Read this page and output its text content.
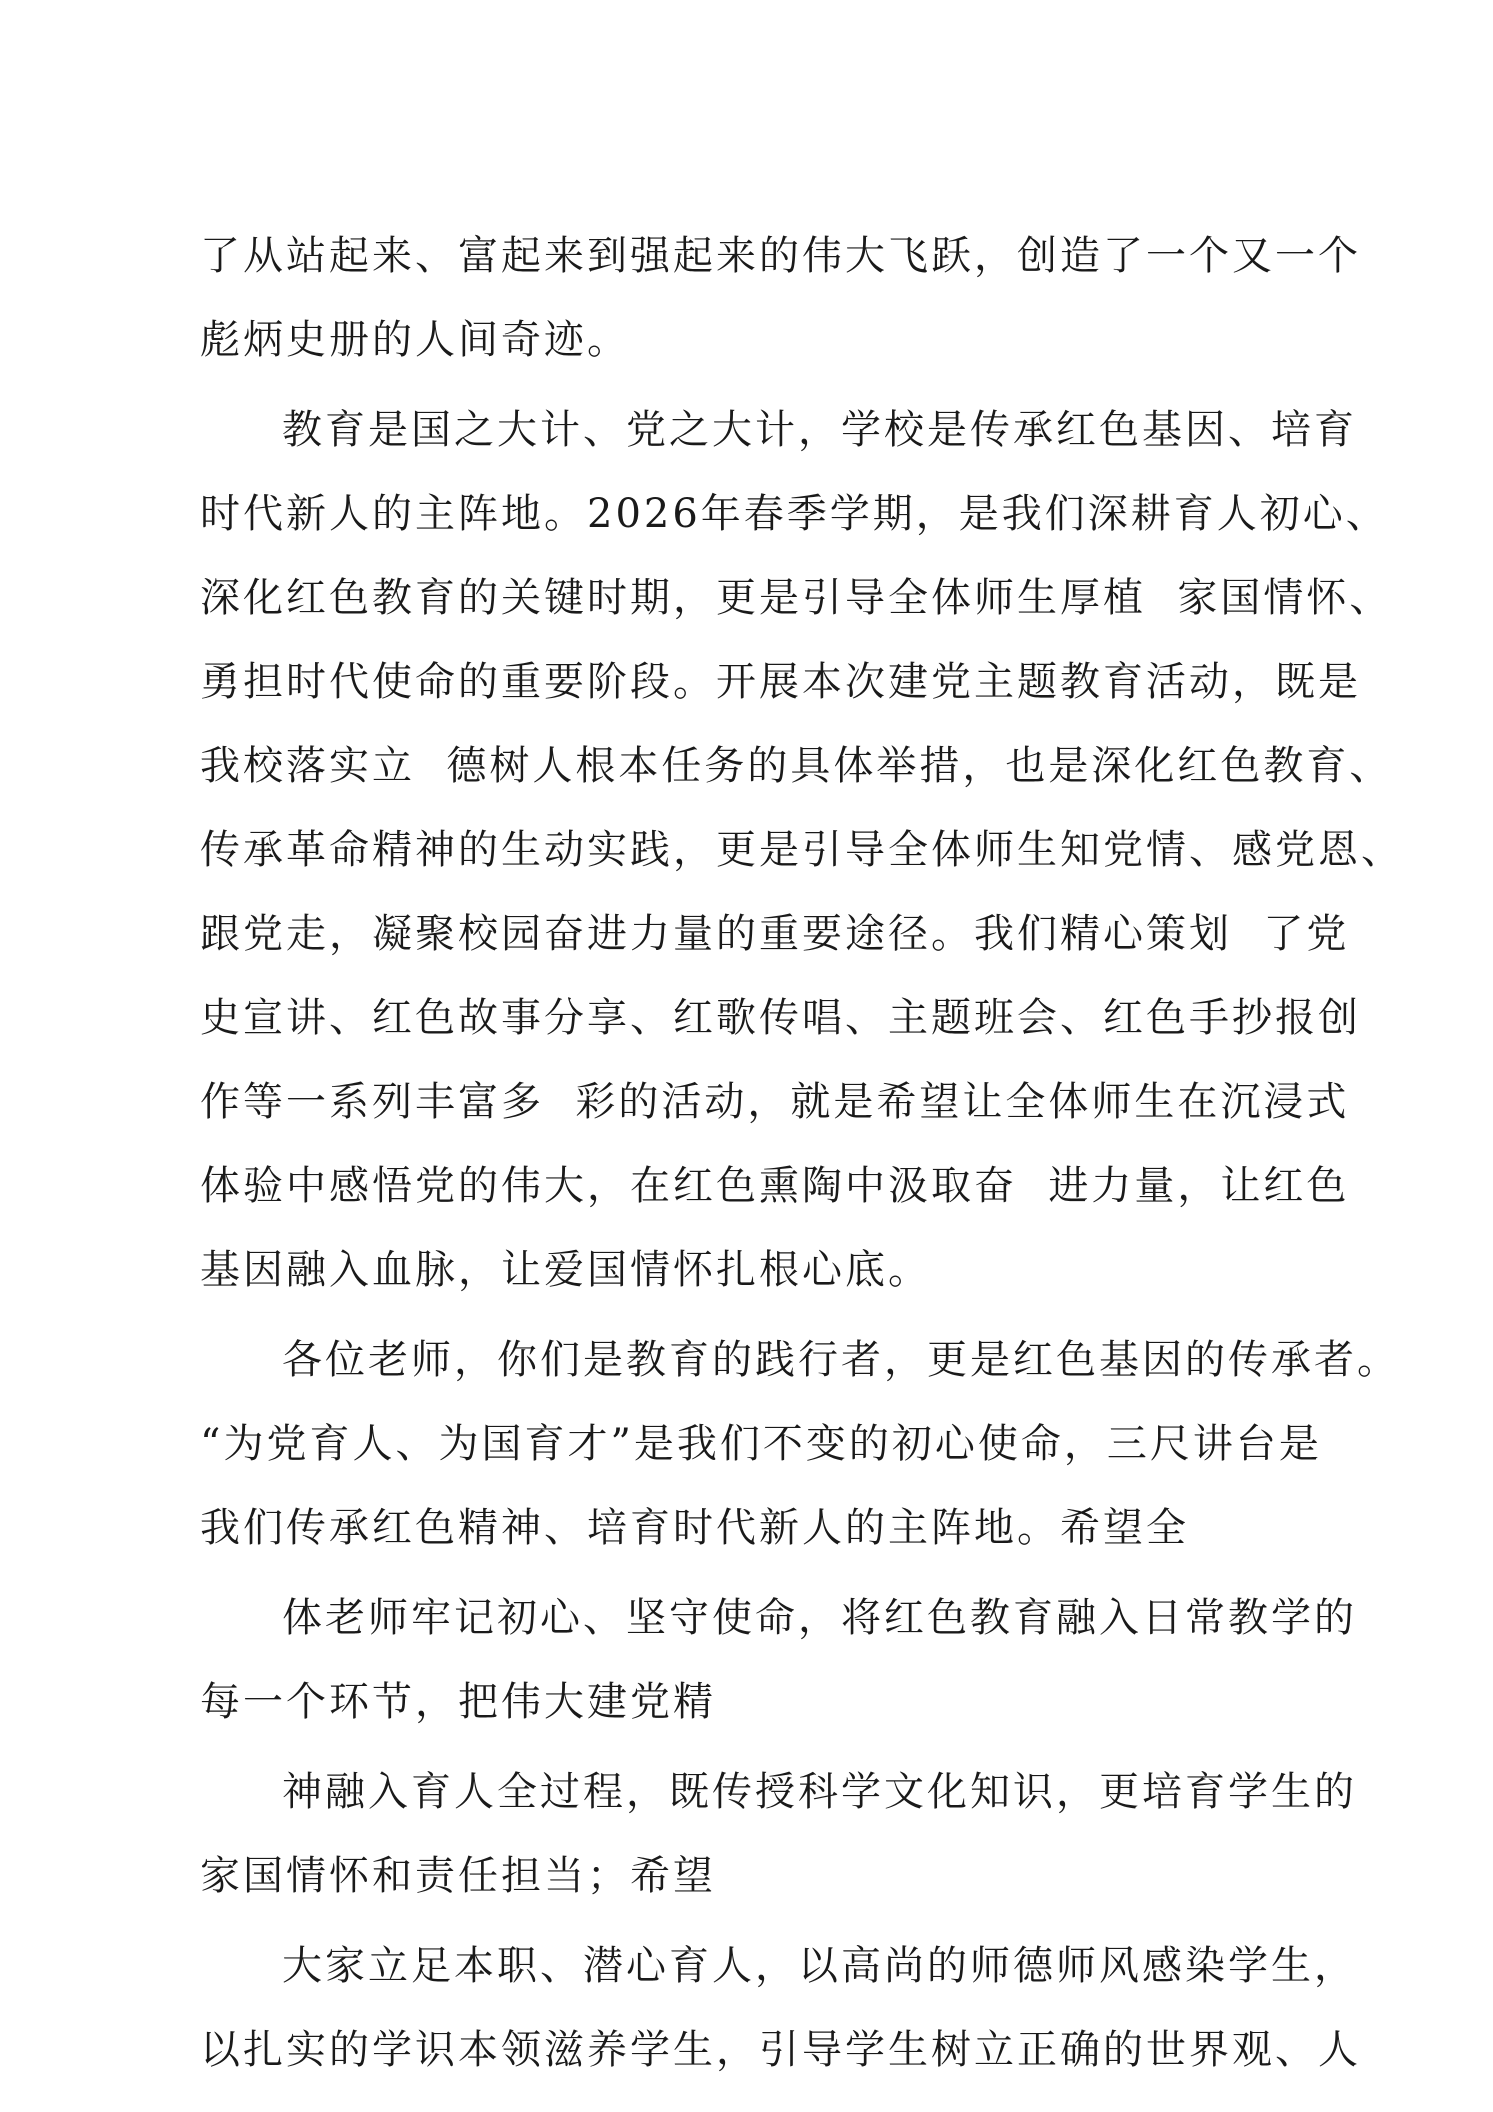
了从站起来、富起来到强起来的伟大飞跃，创造了一个又一个
彪炳史册的人间奇迹。
教育是国之大计、党之大计，学校是传承红色基因、培育
时代新人的主阵地。2026年春季学期，是我们深耕育人初心、
深化红色教育的关键时期，更是引导全体师生厚植  家国情怀、
勇担时代使命的重要阶段。开展本次建党主题教育活动，既是
我校落实立  德树人根本任务的具体举措，也是深化红色教育、
传承革命精神的生动实践，更是引导全体师生知党情、感党恩、
跟党走，凝聚校园奋进力量的重要途径。我们精心策划  了党
史宣讲、红色故事分享、红歌传唱、主题班会、红色手抄报创
作等一系列丰富多  彩的活动，就是希望让全体师生在沉浸式
体验中感悟党的伟大，在红色熏陶中汲取奋  进力量，让红色
基因融入血脉，让爱国情怀扎根心底。
各位老师，你们是教育的践行者，更是红色基因的传承者。
“为党育人、为国育才”是我们不变的初心使命，三尺讲台是
我们传承红色精神、培育时代新人的主阵地。希望全
体老师牢记初心、坚守使命，将红色教育融入日常教学的
每一个环节，把伟大建党精
神融入育人全过程，既传授科学文化知识，更培育学生的
家国情怀和责任担当；希望
大家立足本职、潜心育人，以高尚的师德师风感染学生，
以扎实的学识本领滋养学生，引导学生树立正确的世界观、人
